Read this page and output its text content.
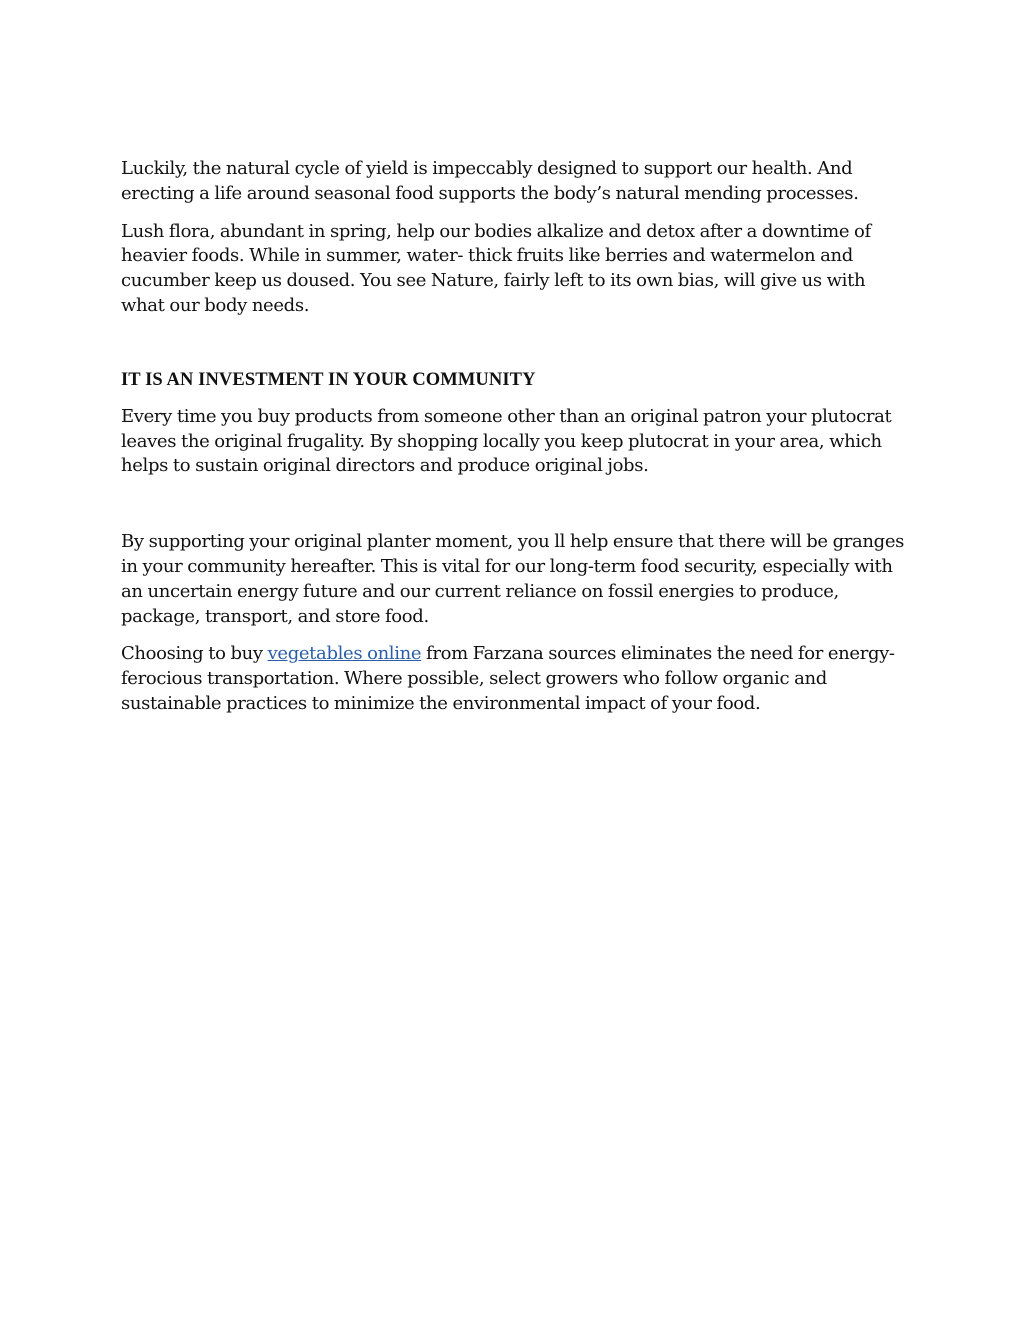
Luckily, the natural cycle of yield is impeccably designed to support our health. And erecting a life around seasonal food supports the body’s natural mending processes.

Lush flora, abundant in spring, help our bodies alkalize and detox after a downtime of heavier foods. While in summer, water- thick fruits like berries and watermelon and cucumber keep us doused. You see Nature, fairly left to its own bias, will give us with what our body needs.

IT IS AN INVESTMENT IN YOUR COMMUNITY

Every time you buy products from someone other than an original patron your plutocrat leaves the original frugality. By shopping locally you keep plutocrat in your area, which helps to sustain original directors and produce original jobs.

By supporting your original planter moment, you ll help ensure that there will be granges in your community hereafter. This is vital for our long-term food security, especially with an uncertain energy future and our current reliance on fossil energies to produce, package, transport, and store food.

Choosing to buy vegetables online from Farzana sources eliminates the need for energy-ferocious transportation. Where possible, select growers who follow organic and sustainable practices to minimize the environmental impact of your food.
